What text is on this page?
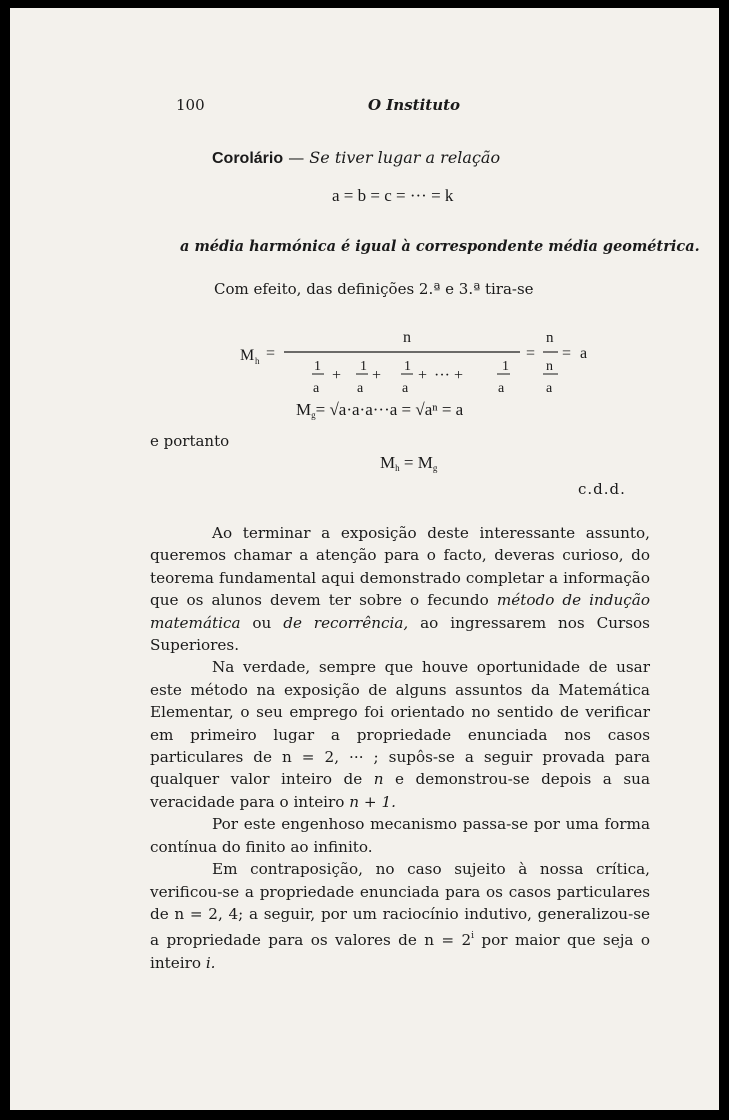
100	O Instituto
Corolário — Se tiver lugar a relação
a = b = c = ··· = k
a média harmónica é igual à correspondente média geométrica.
Com efeito, das definições 2.ª e 3.ª tira-se
M h =
n
1
a
+
1
a
+
1
a
+ ··· +
1
a
=
n
n
a
= a
$M_g= √a\cdot a\cdot a\cdot\cdot\cdot a = √a^n = a$
e portanto
$M_h = M_g$
c.d.d.

Ao terminar a exposição deste interessante assunto, queremos chamar a atenção para o facto, deveras curioso, do teorema fundamental aqui demonstrado completar a informação que os alunos devem ter sobre o fecundo método de indução matemática ou de recorrência, ao ingressarem nos Cursos Superiores.

Na verdade, sempre que houve oportunidade de usar este método na exposição de alguns assuntos da Matemática Elementar, o seu emprego foi orientado no sentido de verificar em primeiro lugar a propriedade enunciada nos casos particulares de n = 2, ··· ; supôs-se a seguir provada para qualquer valor inteiro de n e demonstrou-se depois a sua veracidade para o inteiro n + 1.

Por este engenhoso mecanismo passa-se por uma forma contínua do finito ao infinito.

Em contraposição, no caso sujeito à nossa crítica, verificou-se a propriedade enunciada para os casos particulares de n = 2, 4; a seguir, por um raciocínio indutivo, generalizou-se a propriedade para os valores de $n = 2^i$ por maior que seja o inteiro i.
